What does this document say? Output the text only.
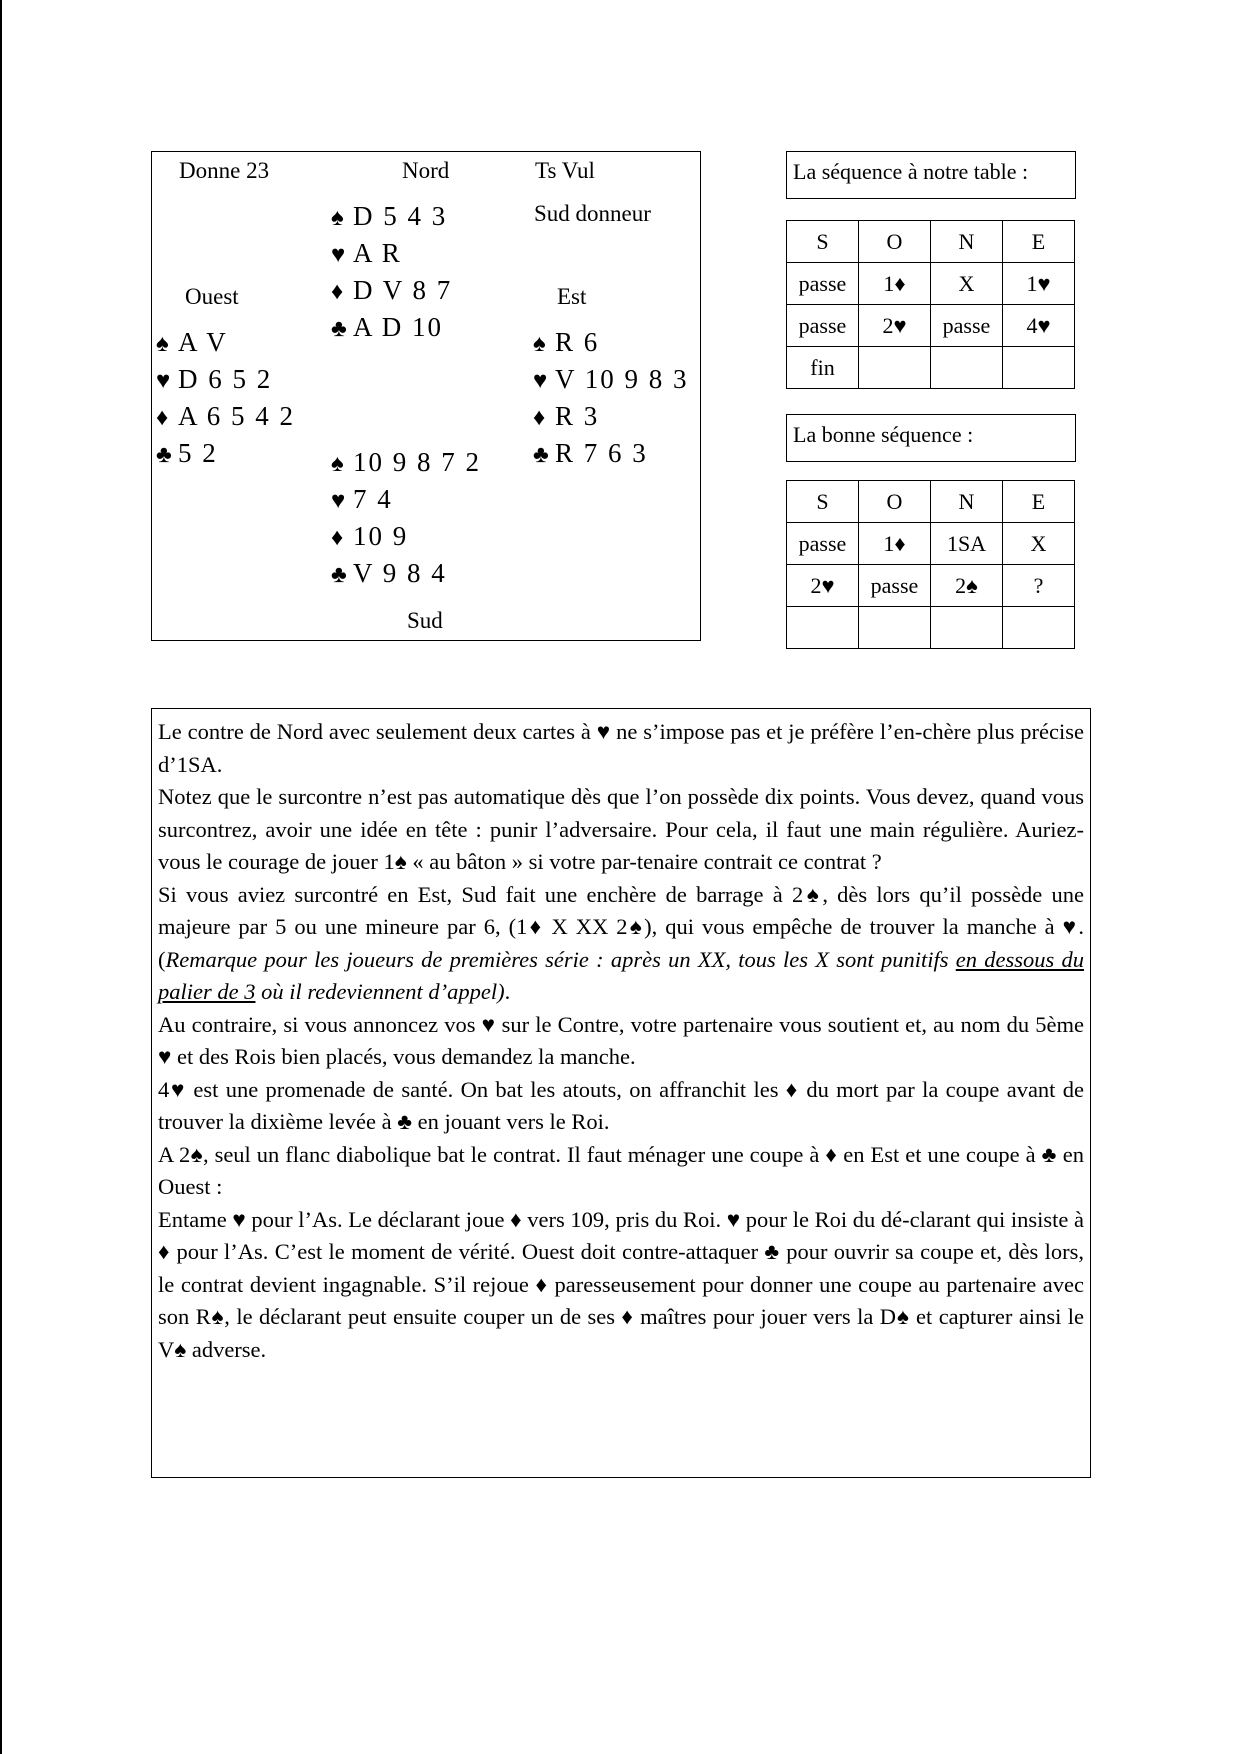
Donne 23	Nord	Ts Vul
Sud donneur
Ouest	Est
Sud
♠ D 5 4 3
♥ A R
♦ D V 8 7
♣ A D 10
♠ A V
♥ D 6 5 2
♦ A 6 5 4 2
♣ 5 2
♠ R 6
♥ V 10 9 8 3
♦ R 3
♣ R 7 6 3
♠ 10 9 8 7 2
♥ 7 4
♦ 10 9
♣ V 9 8 4
La séquence à notre table :
S	O	N	E
passe	1♦	X	1♥
passe	2♥	passe	4♥
fin			
La bonne séquence :
S	O	N	E
passe	1♦	1SA	X
2♥	passe	2♠	?

Le contre de Nord avec seulement deux cartes à ♥ ne s’impose pas et je préfère l’en-chère plus précise d’1SA.

Notez que le surcontre n’est pas automatique dès que l’on possède dix points. Vous devez, quand vous surcontrez, avoir une idée en tête : punir l’adversaire. Pour cela, il faut une main régulière. Auriez-vous le courage de jouer 1♠ « au bâton » si votre par-tenaire contrait ce contrat ?

Si vous aviez surcontré en Est, Sud fait une enchère de barrage à 2♠, dès lors qu’il possède une majeure par 5 ou une mineure par 6, (1♦ X XX 2♠), qui vous empêche de trouver la manche à ♥. (Remarque pour les joueurs de premières série : après un XX, tous les X sont punitifs en dessous du palier de 3 où il redeviennent d’appel).

Au contraire, si vous annoncez vos ♥ sur le Contre, votre partenaire vous soutient et, au nom du 5ème ♥ et des Rois bien placés, vous demandez la manche.

4♥ est une promenade de santé. On bat les atouts, on affranchit les ♦ du mort par la coupe avant de trouver la dixième levée à ♣ en jouant vers le Roi.

A 2♠, seul un flanc diabolique bat le contrat. Il faut ménager une coupe à ♦ en Est et une coupe à ♣ en Ouest :

Entame ♥ pour l’As. Le déclarant joue ♦ vers 109, pris du Roi. ♥ pour le Roi du dé-clarant qui insiste à ♦ pour l’As. C’est le moment de vérité. Ouest doit contre-attaquer ♣ pour ouvrir sa coupe et, dès lors, le contrat devient ingagnable. S’il rejoue ♦ paresseusement pour donner une coupe au partenaire avec son R♠, le déclarant peut ensuite couper un de ses ♦ maîtres pour jouer vers la D♠ et capturer ainsi le V♠ adverse.
